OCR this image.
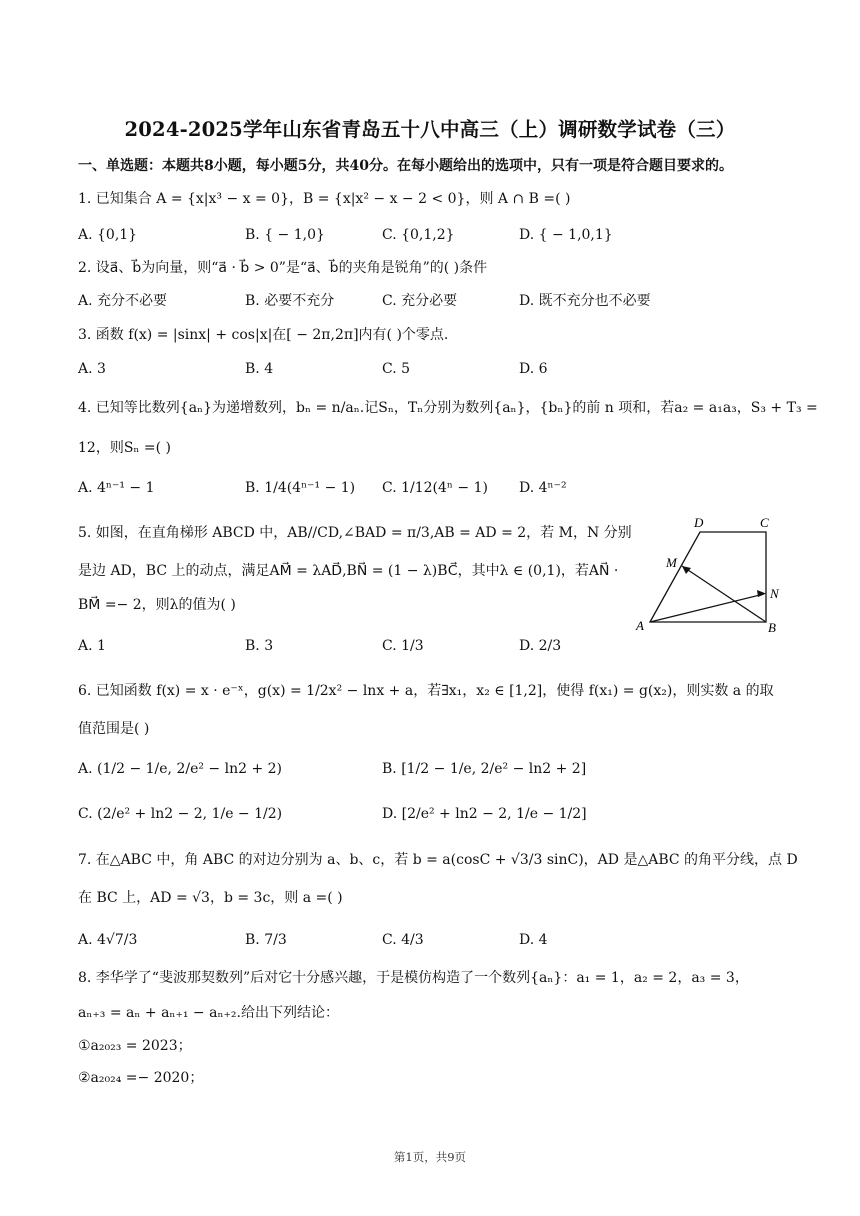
2024-2025学年山东省青岛五十八中高三（上）调研数学试卷（三）
一、单选题：本题共8小题，每小题5分，共40分。在每小题给出的选项中，只有一项是符合题目要求的。
1. 已知集合 A = {x|x³ − x = 0}，B = {x|x² − x − 2 < 0}，则 A ∩ B =( )
A. {0,1}	B. { − 1,0}	C. {0,1,2}	D. { − 1,0,1}
2. 设a⃗、b⃗为向量，则“a⃗ · b⃗ > 0”是“a⃗、b⃗的夹角是锐角”的( )条件
A. 充分不必要	B. 必要不充分	C. 充分必要	D. 既不充分也不必要
3. 函数 f(x) = |sinx| + cos|x|在[ − 2π,2π]内有( )个零点.
A. 3	B. 4	C. 5	D. 6
4. 已知等比数列{aₙ}为递增数列，bₙ = n/aₙ.记Sₙ，Tₙ分别为数列{aₙ}，{bₙ}的前 n 项和，若a₂ = a₁a₃，S₃ + T₃ =
12，则Sₙ =( )
A. 4ⁿ⁻¹ − 1	B. 1/4(4ⁿ⁻¹ − 1) C. 1/12(4ⁿ − 1) D. 4ⁿ⁻²
5. 如图，在直角梯形 ABCD 中，AB//CD,∠BAD = π/3,AB = AD = 2，若 M，N 分别
是边 AD，BC 上的动点，满足AM⃗ = λAD⃗,BN⃗ = (1 − λ)BC⃗，其中λ ∈ (0,1)，若AN⃗ ·
BM⃗ =− 2，则λ的值为( )
A. 1	B. 3	C. 1/3	D. 2/3
D	C
M
N
A	B
6. 已知函数 f(x) = x · e⁻ˣ，g(x) = 1/2x² − lnx + a，若∃x₁，x₂ ∈ [1,2]，使得 f(x₁) = g(x₂)，则实数 a 的取
值范围是( )
A. (1/2 − 1/e, 2/e² − ln2 + 2)	B. [1/2 − 1/e, 2/e² − ln2 + 2]
C. (2/e² + ln2 − 2, 1/e − 1/2)	D. [2/e² + ln2 − 2, 1/e − 1/2]
7. 在△ABC 中，角 ABC 的对边分别为 a、b、c，若 b = a(cosC + √3/3 sinC)，AD 是△ABC 的角平分线，点 D
在 BC 上，AD = √3，b = 3c，则 a =( )
A. 4√7/3	B. 7/3	C. 4/3	D. 4
8. 李华学了“斐波那契数列”后对它十分感兴趣，于是模仿构造了一个数列{aₙ}：a₁ = 1，a₂ = 2，a₃ = 3，
aₙ₊₃ = aₙ + aₙ₊₁ − aₙ₊₂.给出下列结论：
①a₂₀₂₃ = 2023；
②a₂₀₂₄ =− 2020；
第1页，共9页
